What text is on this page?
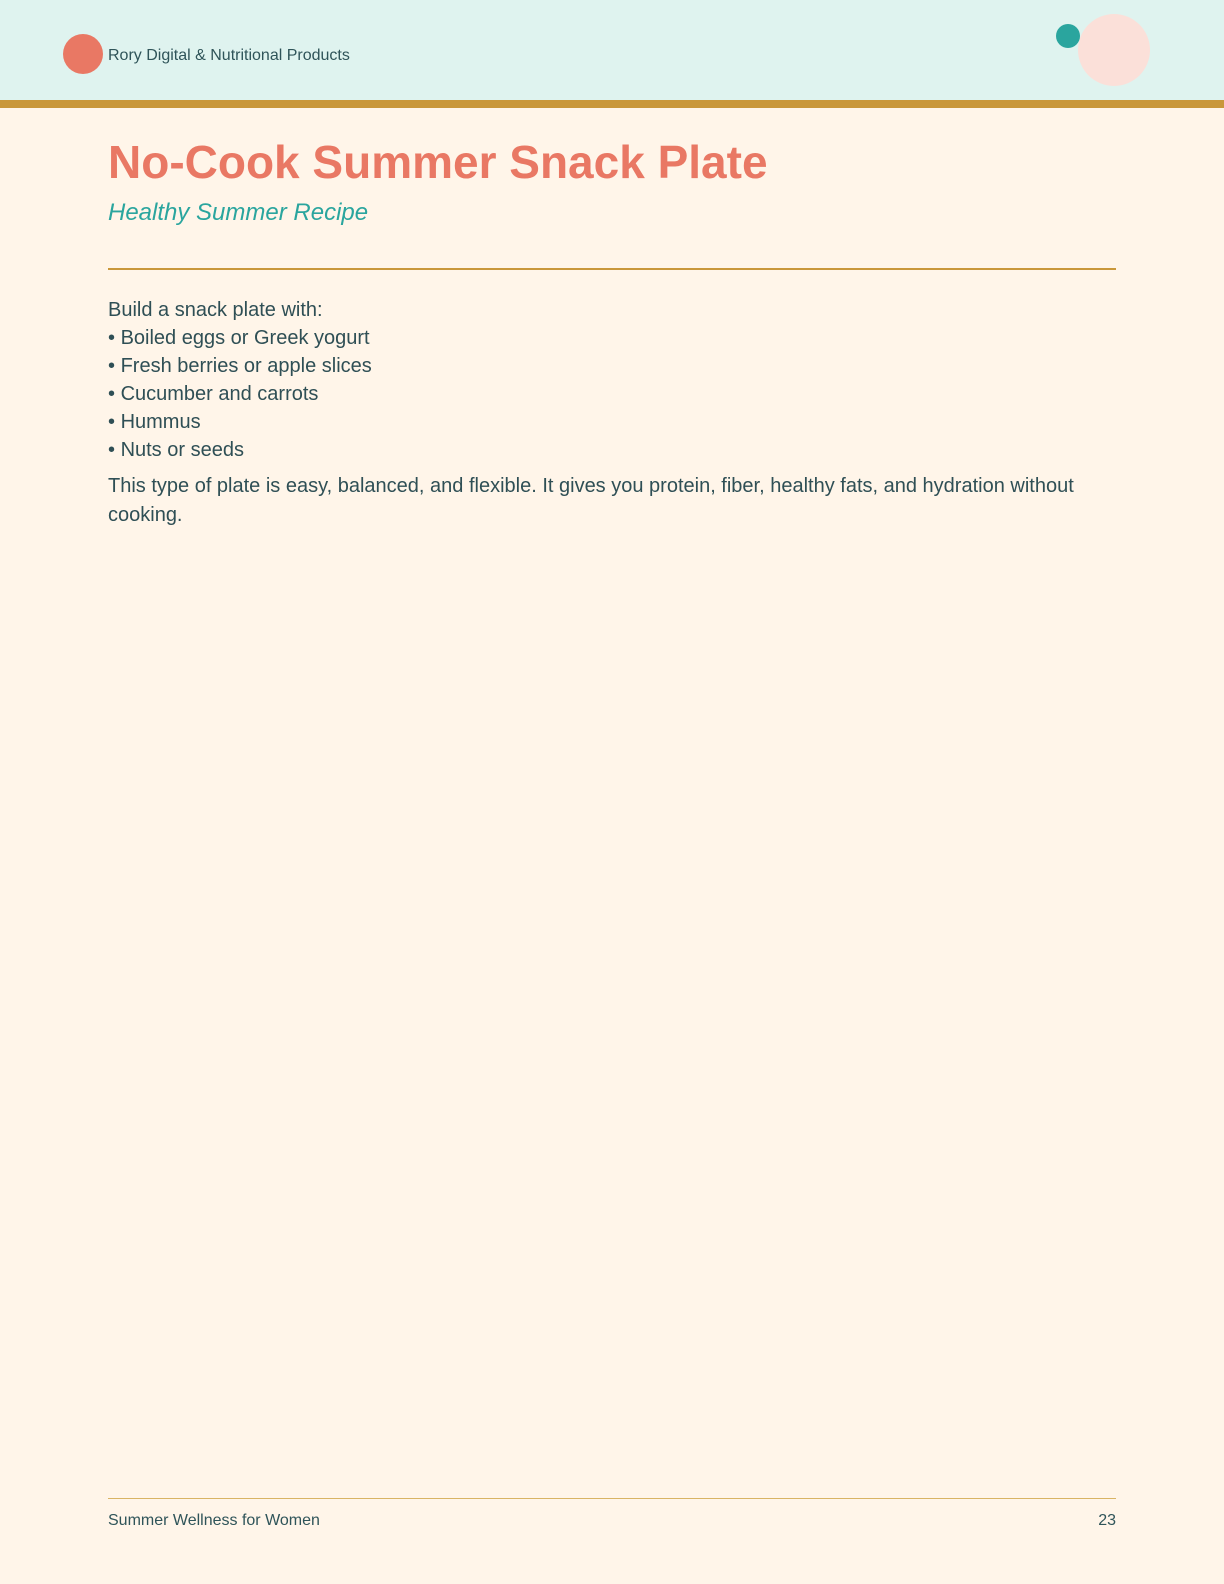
Rory Digital & Nutritional Products
No-Cook Summer Snack Plate
Healthy Summer Recipe

Build a snack plate with:

• Boiled eggs or Greek yogurt
• Fresh berries or apple slices
• Cucumber and carrots
• Hummus
• Nuts or seeds

This type of plate is easy, balanced, and flexible. It gives you protein, fiber, healthy fats, and hydration without cooking.

Summer Wellness for Women	23
